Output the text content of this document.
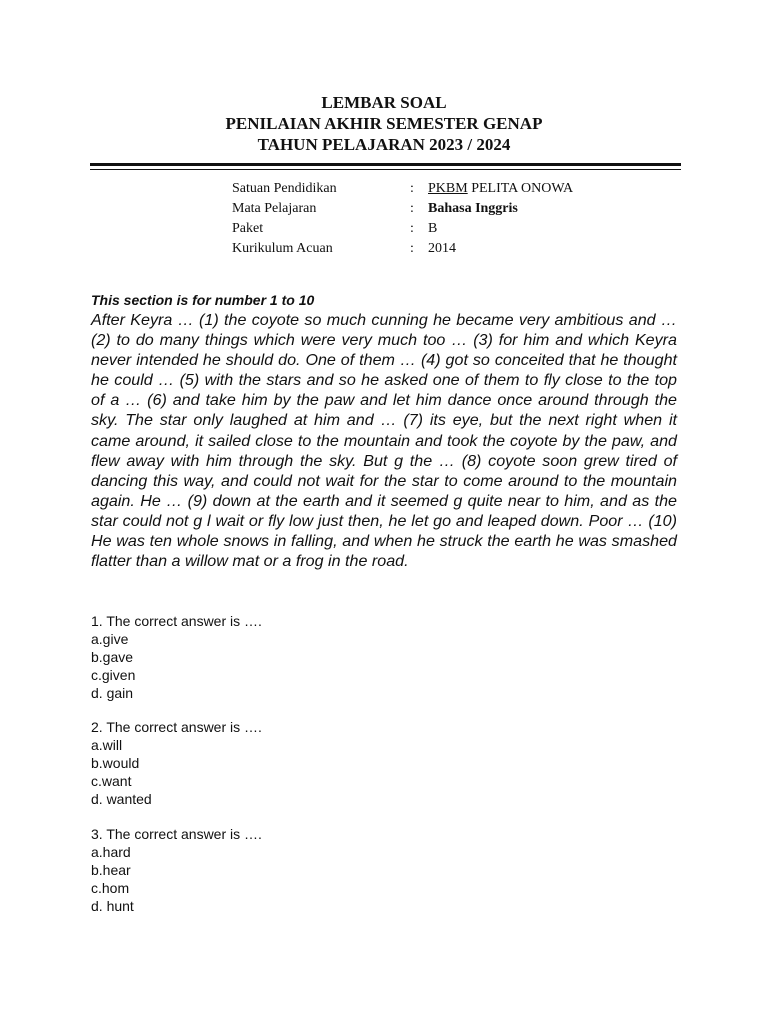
LEMBAR SOAL
PENILAIAN AKHIR SEMESTER GENAP
TAHUN PELAJARAN 2023 / 2024
Satuan Pendidikan	: PKBM PELITA ONOWA
Mata Pelajaran	: Bahasa Inggris
Paket	: B
Kurikulum Acuan	: 2014
This section is for number 1 to 10
After Keyra … (1) the coyote so much cunning he became very ambitious and … (2) to do many things which were very much too … (3) for him and which Keyra never intended he should do. One of them … (4) got so conceited that he thought he could … (5) with the stars and so he asked one of them to fly close to the top of a … (6) and take him by the paw and let him dance once around through the sky. The star only laughed at him and … (7) its eye, but the next right when it came around, it sailed close to the mountain and took the coyote by the paw, and flew away with him through the sky. But g the … (8) coyote soon grew tired of dancing this way, and could not wait for the star to come around to the mountain again. He … (9) down at the earth and it seemed g quite near to him, and as the star could not g l wait or fly low just then, he let go and leaped down. Poor … (10) He was ten whole snows in falling, and when he struck the earth he was smashed flatter than a willow mat or a frog in the road.
1. The correct answer is ….
a.give
b.gave
c.given
d. gain
2. The correct answer is ….
a.will
b.would
c.want
d. wanted
3. The correct answer is ….
a.hard
b.hear
c.hom
d. hunt
